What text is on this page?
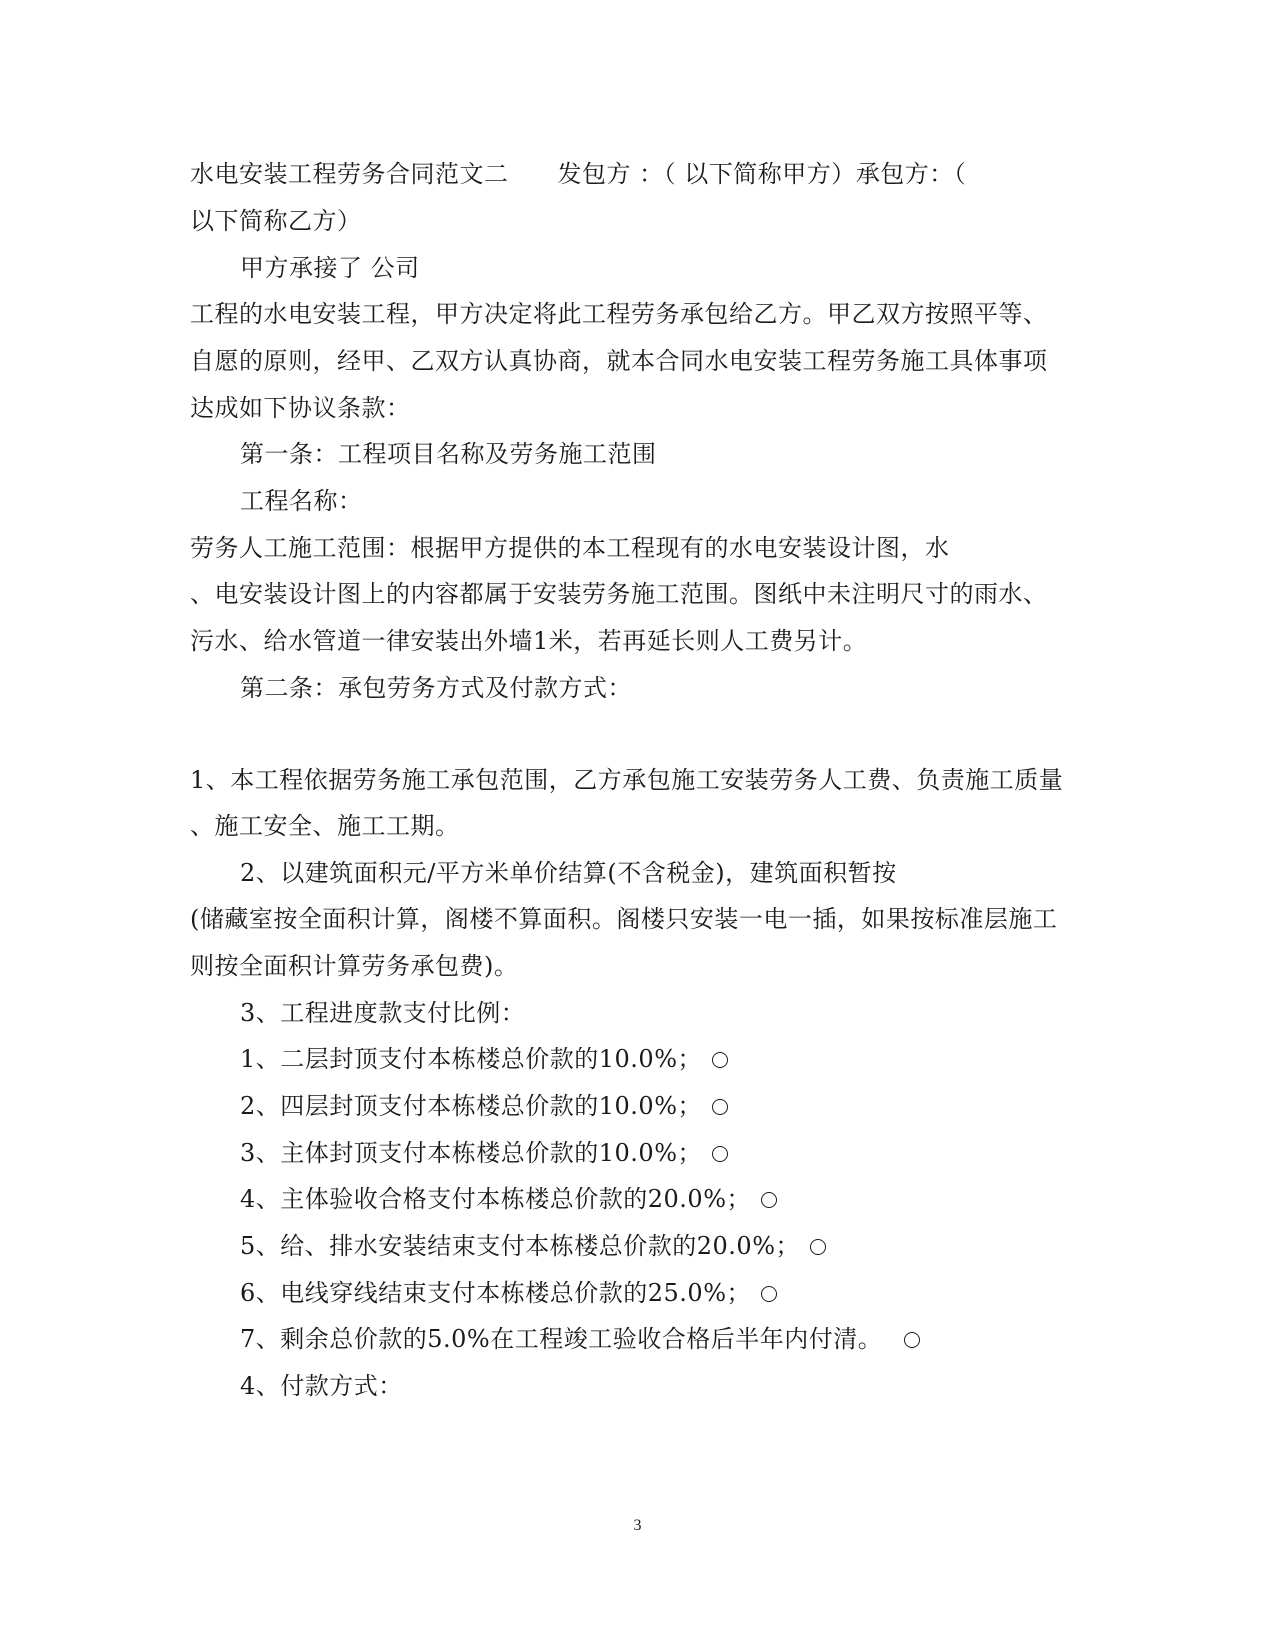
水电安装工程劳务合同范文二　　发包方 ：（ 以下简称甲方）承包方：（
以下简称乙方）
甲方承接了 公司
工程的水电安装工程，甲方决定将此工程劳务承包给乙方。甲乙双方按照平等、
自愿的原则，经甲、乙双方认真协商，就本合同水电安装工程劳务施工具体事项
达成如下协议条款：
第一条：工程项目名称及劳务施工范围
工程名称：
劳务人工施工范围：根据甲方提供的本工程现有的水电安装设计图，水
、电安装设计图上的内容都属于安装劳务施工范围。图纸中未注明尺寸的雨水、
污水、给水管道一律安装出外墙1米，若再延长则人工费另计。
第二条：承包劳务方式及付款方式：
1、本工程依据劳务施工承包范围，乙方承包施工安装劳务人工费、负责施工质量
、施工安全、施工工期。
2、以建筑面积元/平方米单价结算(不含税金)，建筑面积暂按
(储藏室按全面积计算，阁楼不算面积。阁楼只安装一电一插，如果按标准层施工
则按全面积计算劳务承包费)。
3、工程进度款支付比例：
1、二层封顶支付本栋楼总价款的10.0%；
2、四层封顶支付本栋楼总价款的10.0%；
3、主体封顶支付本栋楼总价款的10.0%；
4、主体验收合格支付本栋楼总价款的20.0%；
5、给、排水安装结束支付本栋楼总价款的20.0%；
6、电线穿线结束支付本栋楼总价款的25.0%；
7、剩余总价款的5.0%在工程竣工验收合格后半年内付清。
4、付款方式：
3
